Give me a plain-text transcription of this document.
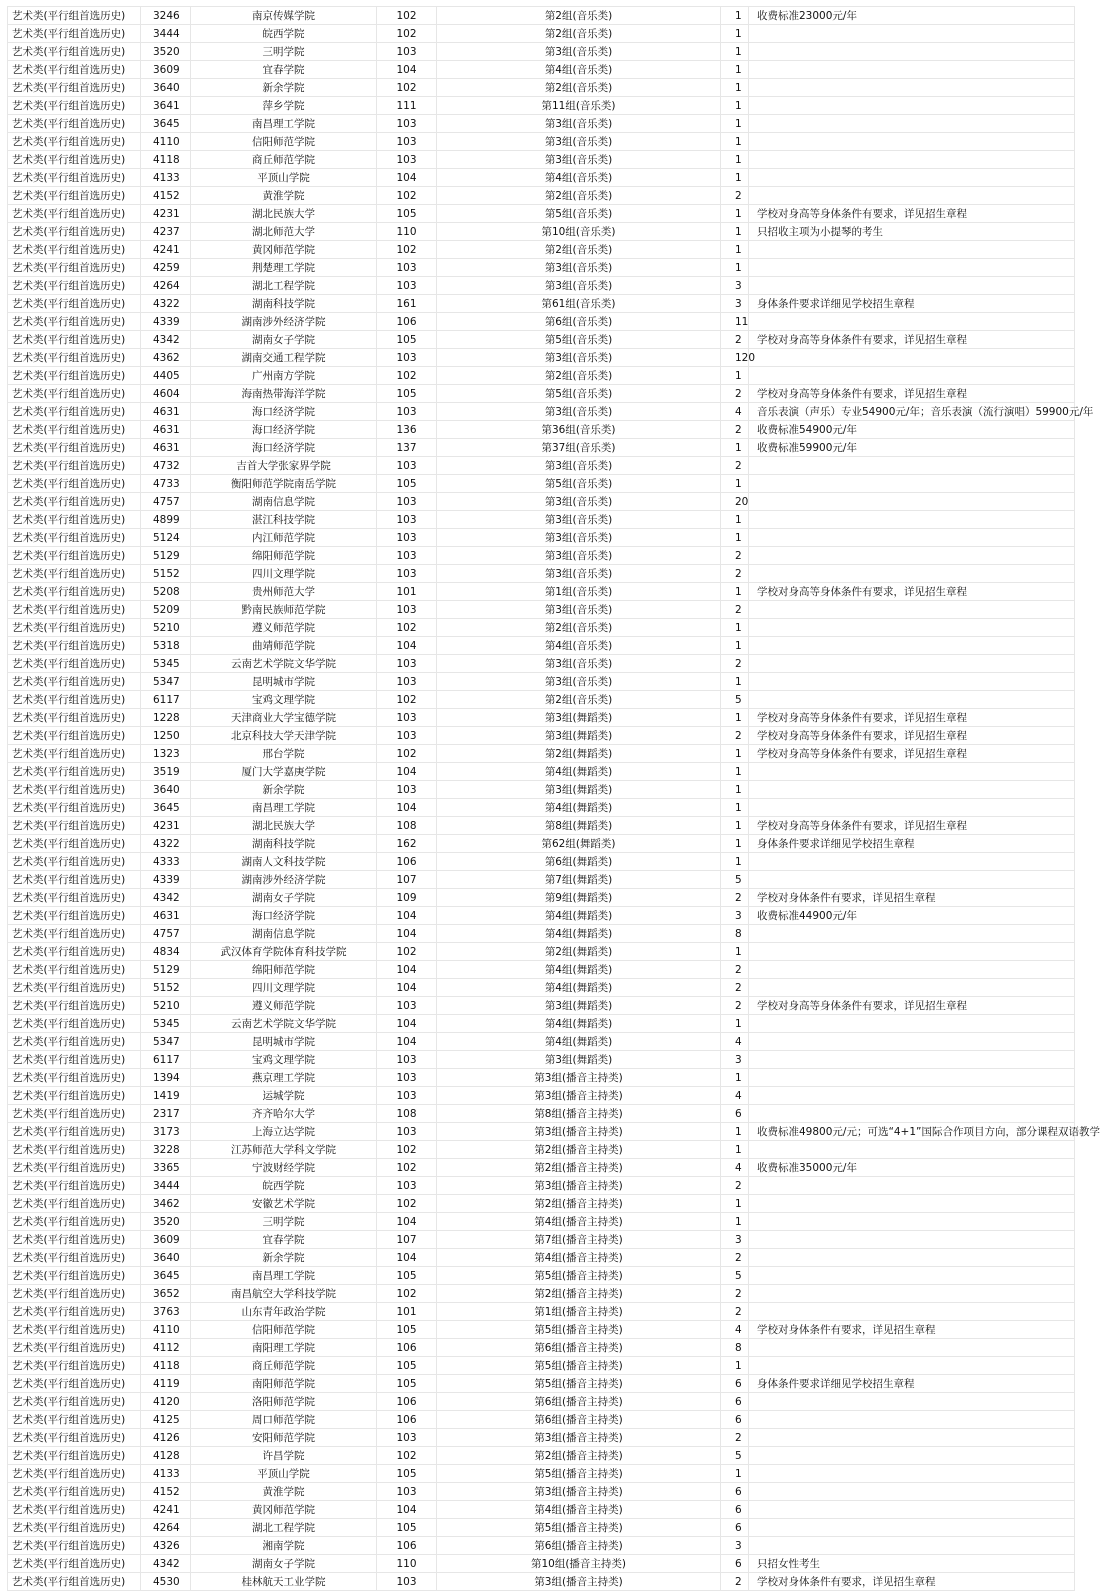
艺术类(平行组首选历史)	3246	南京传媒学院	102	第2组(音乐类)	1	收费标准23000元/年
艺术类(平行组首选历史)	3444	皖西学院	102	第2组(音乐类)	1	
艺术类(平行组首选历史)	3520	三明学院	103	第3组(音乐类)	1	
艺术类(平行组首选历史)	3609	宜春学院	104	第4组(音乐类)	1	
艺术类(平行组首选历史)	3640	新余学院	102	第2组(音乐类)	1	
艺术类(平行组首选历史)	3641	萍乡学院	111	第11组(音乐类)	1	
艺术类(平行组首选历史)	3645	南昌理工学院	103	第3组(音乐类)	1	
艺术类(平行组首选历史)	4110	信阳师范学院	103	第3组(音乐类)	1	
艺术类(平行组首选历史)	4118	商丘师范学院	103	第3组(音乐类)	1	
艺术类(平行组首选历史)	4133	平顶山学院	104	第4组(音乐类)	1	
艺术类(平行组首选历史)	4152	黄淮学院	102	第2组(音乐类)	2	
艺术类(平行组首选历史)	4231	湖北民族大学	105	第5组(音乐类)	1	学校对身高等身体条件有要求，详见招生章程
艺术类(平行组首选历史)	4237	湖北师范大学	110	第10组(音乐类)	1	只招收主项为小提琴的考生
艺术类(平行组首选历史)	4241	黄冈师范学院	102	第2组(音乐类)	1	
艺术类(平行组首选历史)	4259	荆楚理工学院	103	第3组(音乐类)	1	
艺术类(平行组首选历史)	4264	湖北工程学院	103	第3组(音乐类)	3	
艺术类(平行组首选历史)	4322	湖南科技学院	161	第61组(音乐类)	3	身体条件要求详细见学校招生章程
艺术类(平行组首选历史)	4339	湖南涉外经济学院	106	第6组(音乐类)	11	
艺术类(平行组首选历史)	4342	湖南女子学院	105	第5组(音乐类)	2	学校对身高等身体条件有要求，详见招生章程
艺术类(平行组首选历史)	4362	湖南交通工程学院	103	第3组(音乐类)	120	
艺术类(平行组首选历史)	4405	广州南方学院	102	第2组(音乐类)	1	
艺术类(平行组首选历史)	4604	海南热带海洋学院	105	第5组(音乐类)	2	学校对身高等身体条件有要求，详见招生章程
艺术类(平行组首选历史)	4631	海口经济学院	103	第3组(音乐类)	4	音乐表演（声乐）专业54900元/年；音乐表演（流行演唱）59900元/年
艺术类(平行组首选历史)	4631	海口经济学院	136	第36组(音乐类)	2	收费标准54900元/年
艺术类(平行组首选历史)	4631	海口经济学院	137	第37组(音乐类)	1	收费标准59900元/年
艺术类(平行组首选历史)	4732	吉首大学张家界学院	103	第3组(音乐类)	2	
艺术类(平行组首选历史)	4733	衡阳师范学院南岳学院	105	第5组(音乐类)	1	
艺术类(平行组首选历史)	4757	湖南信息学院	103	第3组(音乐类)	20	
艺术类(平行组首选历史)	4899	湛江科技学院	103	第3组(音乐类)	1	
艺术类(平行组首选历史)	5124	内江师范学院	103	第3组(音乐类)	1	
艺术类(平行组首选历史)	5129	绵阳师范学院	103	第3组(音乐类)	2	
艺术类(平行组首选历史)	5152	四川文理学院	103	第3组(音乐类)	2	
艺术类(平行组首选历史)	5208	贵州师范大学	101	第1组(音乐类)	1	学校对身高等身体条件有要求，详见招生章程
艺术类(平行组首选历史)	5209	黔南民族师范学院	103	第3组(音乐类)	2	
艺术类(平行组首选历史)	5210	遵义师范学院	102	第2组(音乐类)	1	
艺术类(平行组首选历史)	5318	曲靖师范学院	104	第4组(音乐类)	1	
艺术类(平行组首选历史)	5345	云南艺术学院文华学院	103	第3组(音乐类)	2	
艺术类(平行组首选历史)	5347	昆明城市学院	103	第3组(音乐类)	1	
艺术类(平行组首选历史)	6117	宝鸡文理学院	102	第2组(音乐类)	5	
艺术类(平行组首选历史)	1228	天津商业大学宝德学院	103	第3组(舞蹈类)	1	学校对身高等身体条件有要求，详见招生章程
艺术类(平行组首选历史)	1250	北京科技大学天津学院	103	第3组(舞蹈类)	2	学校对身高等身体条件有要求，详见招生章程
艺术类(平行组首选历史)	1323	邢台学院	102	第2组(舞蹈类)	1	学校对身高等身体条件有要求，详见招生章程
艺术类(平行组首选历史)	3519	厦门大学嘉庚学院	104	第4组(舞蹈类)	1	
艺术类(平行组首选历史)	3640	新余学院	103	第3组(舞蹈类)	1	
艺术类(平行组首选历史)	3645	南昌理工学院	104	第4组(舞蹈类)	1	
艺术类(平行组首选历史)	4231	湖北民族大学	108	第8组(舞蹈类)	1	学校对身高等身体条件有要求，详见招生章程
艺术类(平行组首选历史)	4322	湖南科技学院	162	第62组(舞蹈类)	1	身体条件要求详细见学校招生章程
艺术类(平行组首选历史)	4333	湖南人文科技学院	106	第6组(舞蹈类)	1	
艺术类(平行组首选历史)	4339	湖南涉外经济学院	107	第7组(舞蹈类)	5	
艺术类(平行组首选历史)	4342	湖南女子学院	109	第9组(舞蹈类)	2	学校对身体条件有要求，详见招生章程
艺术类(平行组首选历史)	4631	海口经济学院	104	第4组(舞蹈类)	3	收费标准44900元/年
艺术类(平行组首选历史)	4757	湖南信息学院	104	第4组(舞蹈类)	8	
艺术类(平行组首选历史)	4834	武汉体育学院体育科技学院	102	第2组(舞蹈类)	1	
艺术类(平行组首选历史)	5129	绵阳师范学院	104	第4组(舞蹈类)	2	
艺术类(平行组首选历史)	5152	四川文理学院	104	第4组(舞蹈类)	2	
艺术类(平行组首选历史)	5210	遵义师范学院	103	第3组(舞蹈类)	2	学校对身高等身体条件有要求，详见招生章程
艺术类(平行组首选历史)	5345	云南艺术学院文华学院	104	第4组(舞蹈类)	1	
艺术类(平行组首选历史)	5347	昆明城市学院	104	第4组(舞蹈类)	4	
艺术类(平行组首选历史)	6117	宝鸡文理学院	103	第3组(舞蹈类)	3	
艺术类(平行组首选历史)	1394	燕京理工学院	103	第3组(播音主持类)	1	
艺术类(平行组首选历史)	1419	运城学院	103	第3组(播音主持类)	4	
艺术类(平行组首选历史)	2317	齐齐哈尔大学	108	第8组(播音主持类)	6	
艺术类(平行组首选历史)	3173	上海立达学院	103	第3组(播音主持类)	1	收费标准49800元/元；可选“4+1”国际合作项目方向，部分课程双语教学
艺术类(平行组首选历史)	3228	江苏师范大学科文学院	102	第2组(播音主持类)	1	
艺术类(平行组首选历史)	3365	宁波财经学院	102	第2组(播音主持类)	4	收费标准35000元/年
艺术类(平行组首选历史)	3444	皖西学院	103	第3组(播音主持类)	2	
艺术类(平行组首选历史)	3462	安徽艺术学院	102	第2组(播音主持类)	1	
艺术类(平行组首选历史)	3520	三明学院	104	第4组(播音主持类)	1	
艺术类(平行组首选历史)	3609	宜春学院	107	第7组(播音主持类)	3	
艺术类(平行组首选历史)	3640	新余学院	104	第4组(播音主持类)	2	
艺术类(平行组首选历史)	3645	南昌理工学院	105	第5组(播音主持类)	5	
艺术类(平行组首选历史)	3652	南昌航空大学科技学院	102	第2组(播音主持类)	2	
艺术类(平行组首选历史)	3763	山东青年政治学院	101	第1组(播音主持类)	2	
艺术类(平行组首选历史)	4110	信阳师范学院	105	第5组(播音主持类)	4	学校对身体条件有要求，详见招生章程
艺术类(平行组首选历史)	4112	南阳理工学院	106	第6组(播音主持类)	8	
艺术类(平行组首选历史)	4118	商丘师范学院	105	第5组(播音主持类)	1	
艺术类(平行组首选历史)	4119	南阳师范学院	105	第5组(播音主持类)	6	身体条件要求详细见学校招生章程
艺术类(平行组首选历史)	4120	洛阳师范学院	106	第6组(播音主持类)	6	
艺术类(平行组首选历史)	4125	周口师范学院	106	第6组(播音主持类)	6	
艺术类(平行组首选历史)	4126	安阳师范学院	103	第3组(播音主持类)	2	
艺术类(平行组首选历史)	4128	许昌学院	102	第2组(播音主持类)	5	
艺术类(平行组首选历史)	4133	平顶山学院	105	第5组(播音主持类)	1	
艺术类(平行组首选历史)	4152	黄淮学院	103	第3组(播音主持类)	6	
艺术类(平行组首选历史)	4241	黄冈师范学院	104	第4组(播音主持类)	6	
艺术类(平行组首选历史)	4264	湖北工程学院	105	第5组(播音主持类)	6	
艺术类(平行组首选历史)	4326	湘南学院	106	第6组(播音主持类)	3	
艺术类(平行组首选历史)	4342	湖南女子学院	110	第10组(播音主持类)	6	只招女性考生
艺术类(平行组首选历史)	4530	桂林航天工业学院	103	第3组(播音主持类)	2	学校对身体条件有要求，详见招生章程
